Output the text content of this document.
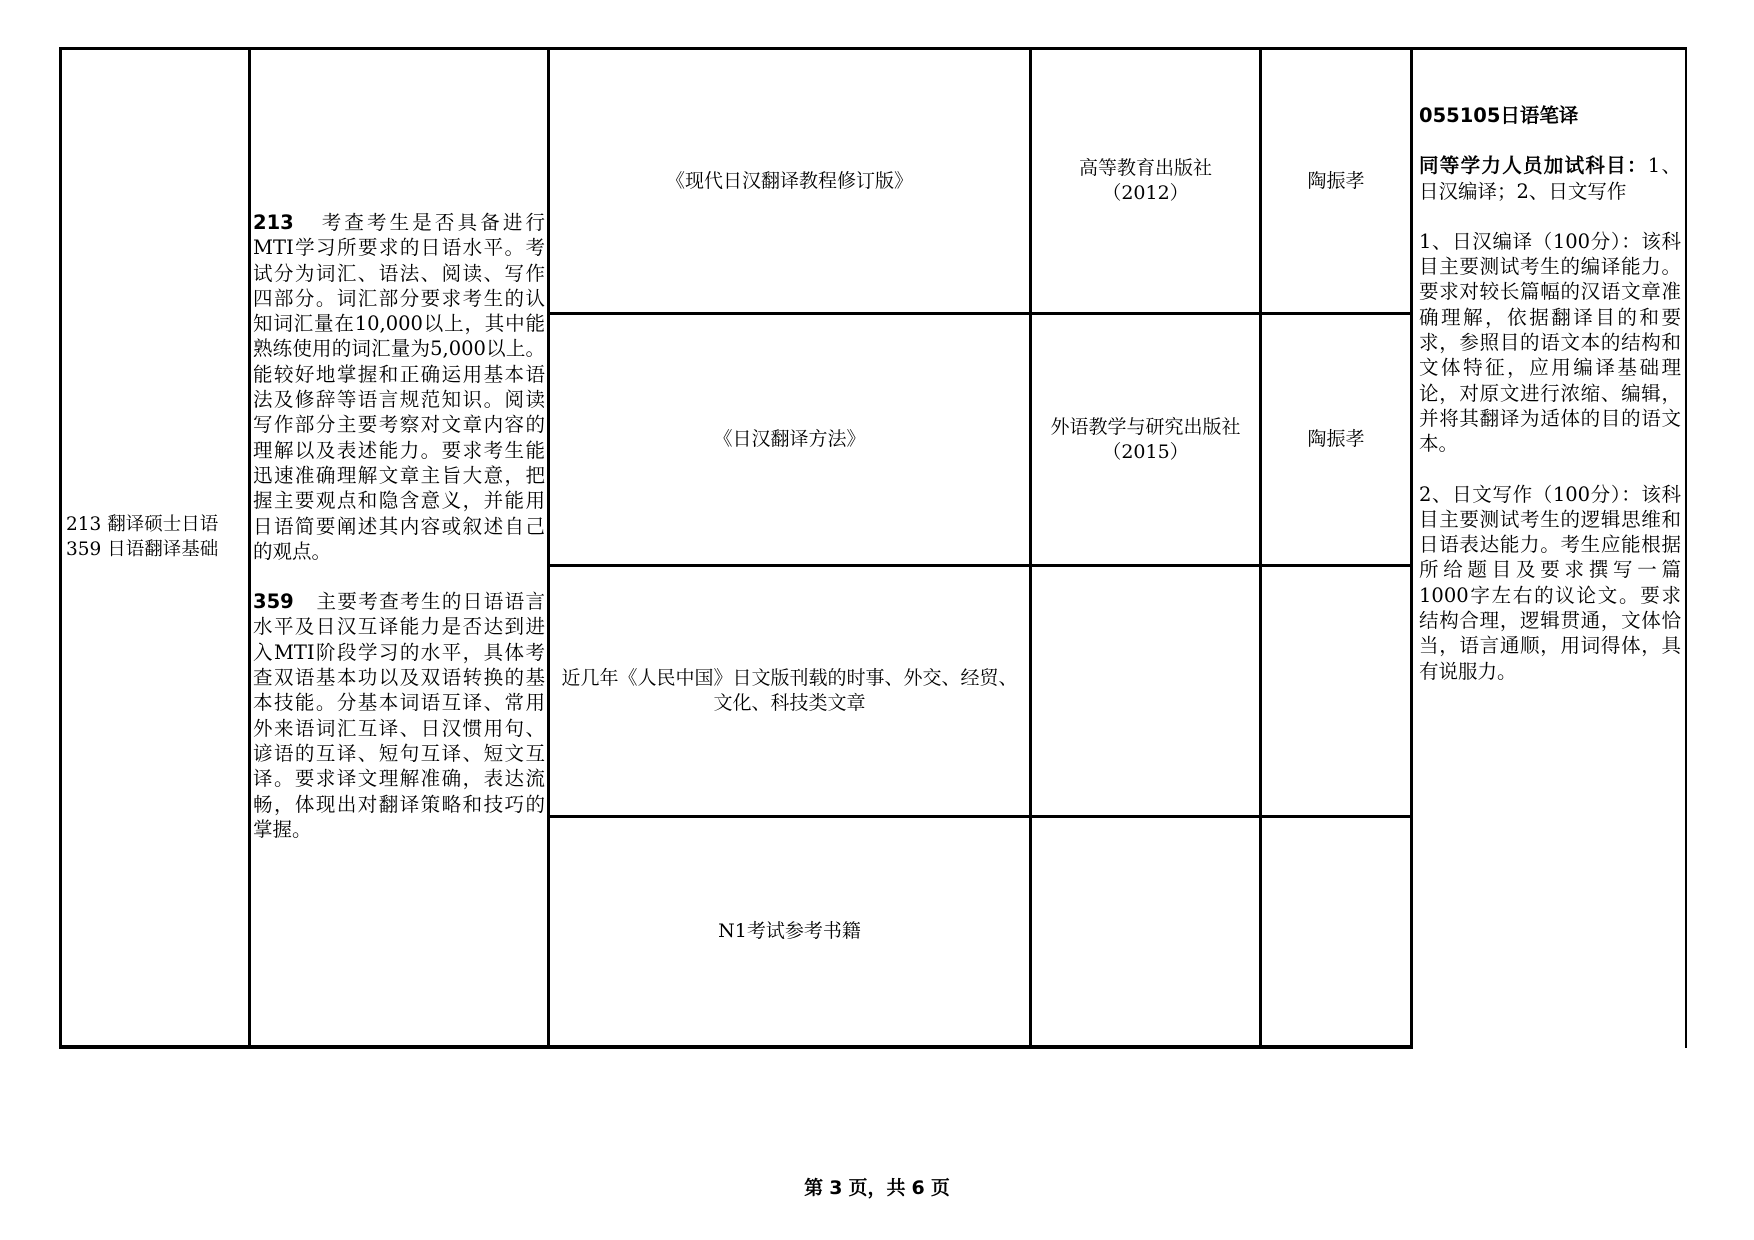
213 翻译硕士日语
359 日语翻译基础

213 考查考生是否具备进行MTI学习所要求的日语水平。考试分为词汇、语法、阅读、写作四部分。词汇部分要求考生的认知词汇量在10,000以上，其中能熟练使用的词汇量为5,000以上。能较好地掌握和正确运用基本语法及修辞等语言规范知识。阅读写作部分主要考察对文章内容的理解以及表述能力。要求考生能迅速准确理解文章主旨大意，把握主要观点和隐含意义，并能用日语简要阐述其内容或叙述自己的观点。

359 主要考查考生的日语语言水平及日汉互译能力是否达到进入MTI阶段学习的水平，具体考查双语基本功以及双语转换的基本技能。分基本词语互译、常用外来语词汇互译、日汉惯用句、谚语的互译、短句互译、短文互译。要求译文理解准确，表达流畅，体现出对翻译策略和技巧的掌握。

《现代日汉翻译教程修订版》
高等教育出版社
（2012）
陶振孝
《日汉翻译方法》
外语教学与研究出版社
（2015）
陶振孝
近几年《人民中国》日文版刊载的时事、外交、经贸、文化、科技类文章
N1考试参考书籍

055105日语笔译

同等学力人员加试科目：1、日汉编译；2、日文写作

1、日汉编译（100分）：该科目主要测试考生的编译能力。要求对较长篇幅的汉语文章准确理解，依据翻译目的和要求，参照目的语文本的结构和文体特征，应用编译基础理论，对原文进行浓缩、编辑，并将其翻译为适体的目的语文本。

2、日文写作（100分）：该科目主要测试考生的逻辑思维和日语表达能力。考生应能根据所给题目及要求撰写一篇1000字左右的议论文。要求结构合理，逻辑贯通，文体恰当，语言通顺，用词得体，具有说服力。

第 3 页，共 6 页
